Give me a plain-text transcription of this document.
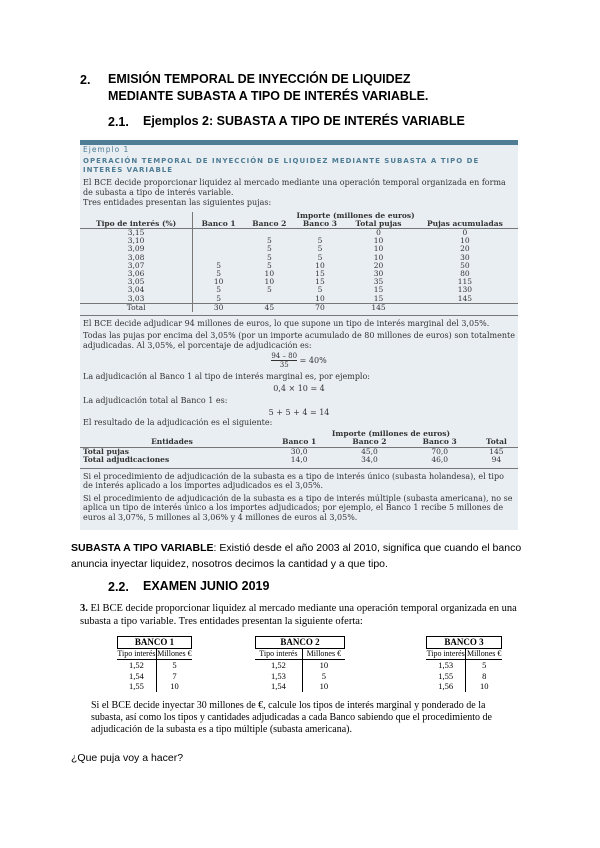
2. EMISIÓN TEMPORAL DE INYECCIÓN DE LIQUIDEZ MEDIANTE SUBASTA A TIPO DE INTERÉS VARIABLE.
2.1. Ejemplos 2: SUBASTA A TIPO DE INTERÉS VARIABLE
Ejemplo 1
OPERACIÓN TEMPORAL DE INYECCIÓN DE LIQUIDEZ MEDIANTE SUBASTA A TIPO DE INTERÉS VARIABLE

El BCE decide proporcionar liquidez al mercado mediante una operación temporal organizada en forma de subasta a tipo de interés variable.

Tres entidades presentan las siguientes pujas:

	Importe (millones de euros)				
Tipo de interés (%)	Banco 1	Banco 2	Banco 3	Total pujas	Pujas acumuladas
3,15				0	0
3,10		5	5	10	10
3,09		5	5	10	20
3,08		5	5	10	30
3,07	5	5	10	20	50
3,06	5	10	15	30	80
3,05	10	10	15	35	115
3,04	5	5	5	15	130
3,03	5		10	15	145
Total	30	45	70	145	

El BCE decide adjudicar 94 millones de euros, lo que supone un tipo de interés marginal del 3,05%.

Todas las pujas por encima del 3,05% (por un importe acumulado de 80 millones de euros) son totalmente adjudicadas. Al 3,05%, el porcentaje de adjudicación es:

$\frac{94 - 80}{35} = 40\%$

La adjudicación al Banco 1 al tipo de interés marginal es, por ejemplo:

0,4 × 10 = 4

La adjudicación total al Banco 1 es:

5 + 5 + 4 = 14

El resultado de la adjudicación es el siguiente:

	Importe (millones de euros)			
Entidades	Banco 1	Banco 2	Banco 3	Total
Total pujas	30,0	45,0	70,0	145
Total adjudicaciones	14,0	34,0	46,0	94

Si el procedimiento de adjudicación de la subasta es a tipo de interés único (subasta holandesa), el tipo de interés aplicado a los importes adjudicados es el 3,05%.

Si el procedimiento de adjudicación de la subasta es a tipo de interés múltiple (subasta americana), no se aplica un tipo de interés único a los importes adjudicados; por ejemplo, el Banco 1 recibe 5 millones de euros al 3,07%, 5 millones al 3,06% y 4 millones de euros al 3,05%.

SUBASTA A TIPO VARIABLE: Existió desde el año 2003 al 2010, significa que cuando el banco anuncia inyectar liquidez, nosotros decimos la cantidad y a que tipo.
2.2. EXAMEN JUNIO 2019
3. El BCE decide proporcionar liquidez al mercado mediante una operación temporal organizada en una subasta a tipo variable. Tres entidades presentan la siguiente oferta:
BANCO 1
Tipo interés	Millones €
1,52	5
1,54	7
1,55	10
BANCO 2
Tipo interés	Millones €
1,52	10
1,53	5
1,54	10
BANCO 3
Tipo interés	Millones €
1,53	5
1,55	8
1,56	10
Si el BCE decide inyectar 30 millones de €, calcule los tipos de interés marginal y ponderado de la subasta, así como los tipos y cantidades adjudicadas a cada Banco sabiendo que el procedimiento de adjudicación de la subasta es a tipo múltiple (subasta americana).
¿Que puja voy a hacer?
